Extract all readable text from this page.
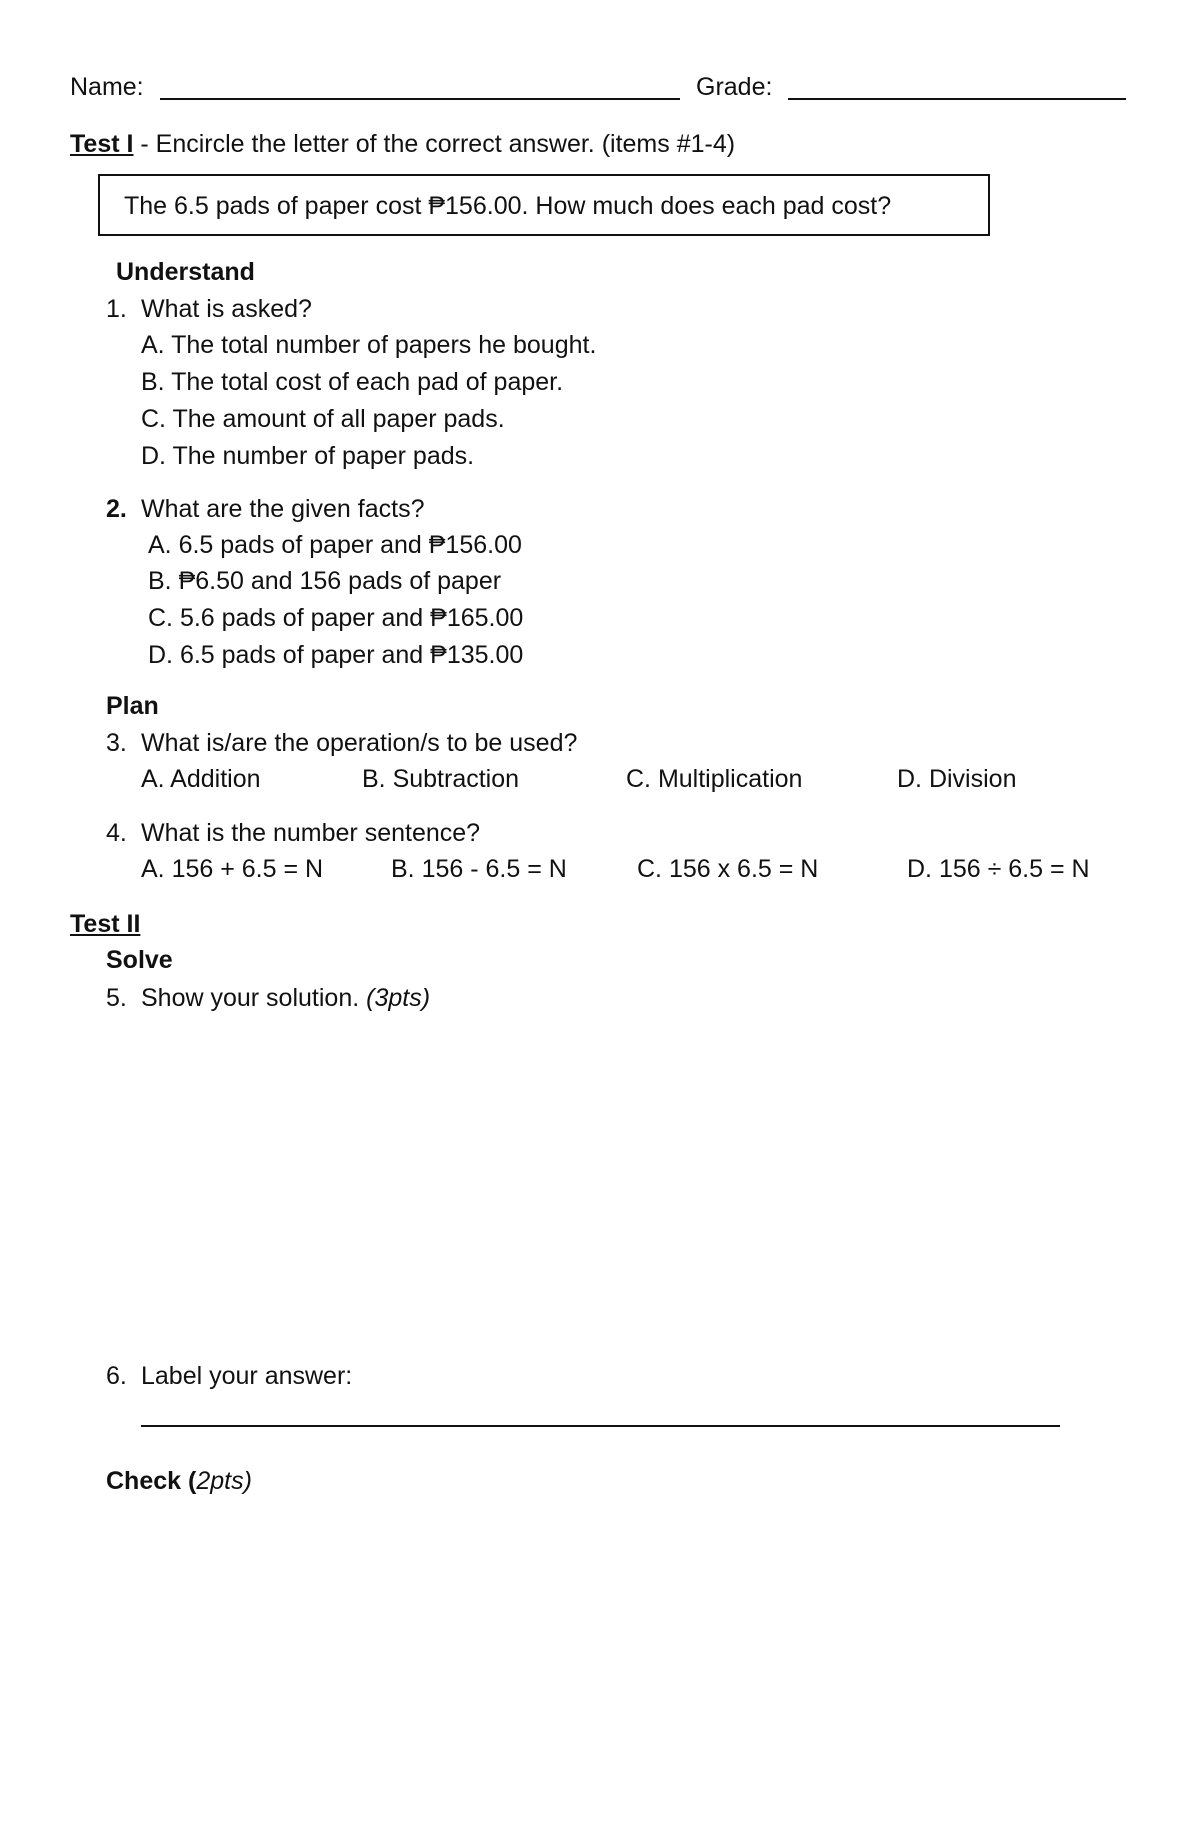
Name:	Grade:
Test I - Encircle the letter of the correct answer. (items #1-4)
The 6.5 pads of paper cost ₱156.00. How much does each pad cost?
Understand
1. What is asked?
A. The total number of papers he bought.
B. The total cost of each pad of paper.
C. The amount of all paper pads.
D. The number of paper pads.
2. What are the given facts?
A. 6.5 pads of paper and ₱156.00
B. ₱6.50 and 156 pads of paper
C. 5.6 pads of paper and ₱165.00
D. 6.5 pads of paper and ₱135.00
Plan
3. What is/are the operation/s to be used?
A. Addition	B. Subtraction	C. Multiplication	D. Division
4. What is the number sentence?
A. 156 + 6.5 = N	B. 156 - 6.5 = N	C. 156 x 6.5 = N	D. 156 ÷ 6.5 = N
Test II
Solve
5. Show your solution. (3pts)
6. Label your answer:
Check (2pts)
